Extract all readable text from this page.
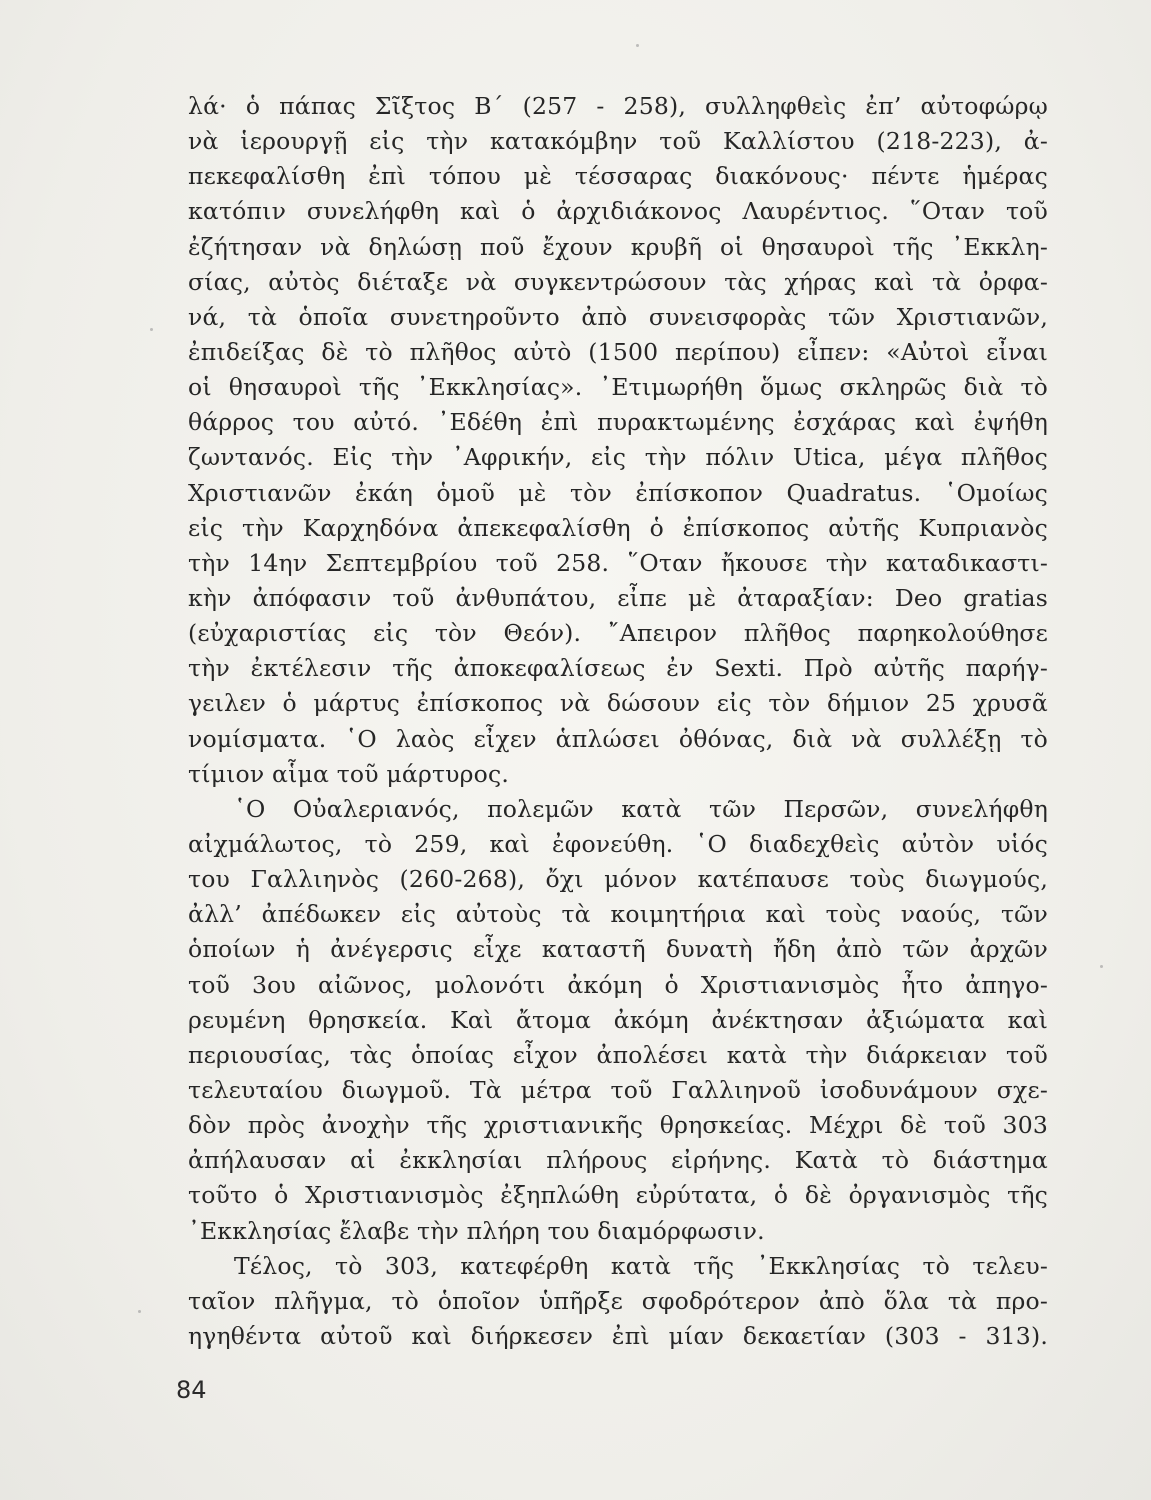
λά· ὁ πάπας Σῖξτος Β΄ (257 - 258), συλληφθεὶς ἐπ’ αὐτοφώρῳ
νὰ ἱερουργῇ εἰς τὴν κατακόμβην τοῦ Καλλίστου (218-223), ἀ-
πεκεφαλίσθη ἐπὶ τόπου μὲ τέσσαρας διακόνους· πέντε ἡμέρας
κατόπιν συνελήφθη καὶ ὁ ἀρχιδιάκονος Λαυρέντιος. ῞Οταν τοῦ
ἐζήτησαν νὰ δηλώσῃ ποῦ ἔχουν κρυβῆ οἱ θησαυροὶ τῆς ᾿Εκκλη-
σίας, αὐτὸς διέταξε νὰ συγκεντρώσουν τὰς χήρας καὶ τὰ ὀρφα-
νά, τὰ ὁποῖα συνετηροῦντο ἀπὸ συνεισφορὰς τῶν Χριστιανῶν,
ἐπιδείξας δὲ τὸ πλῆθος αὐτὸ (1500 περίπου) εἶπεν: «Αὐτοὶ εἶναι
οἱ θησαυροὶ τῆς ᾿Εκκλησίας». ᾿Ετιμωρήθη ὅμως σκληρῶς διὰ τὸ
θάρρος του αὐτό. ᾿Εδέθη ἐπὶ πυρακτωμένης ἐσχάρας καὶ ἐψήθη
ζωντανός. Εἰς τὴν ᾿Αφρικήν, εἰς τὴν πόλιν Utica, μέγα πλῆθος
Χριστιανῶν ἐκάη ὁμοῦ μὲ τὸν ἐπίσκοπον Quadratus. ῾Ομοίως
εἰς τὴν Καρχηδόνα ἀπεκεφαλίσθη ὁ ἐπίσκοπος αὐτῆς Κυπριανὸς
τὴν 14ην Σεπτεμβρίου τοῦ 258. ῞Οταν ἤκουσε τὴν καταδικαστι-
κὴν ἀπόφασιν τοῦ ἀνθυπάτου, εἶπε μὲ ἀταραξίαν: Deo gratias
(εὐχαριστίας εἰς τὸν Θεόν). ῎Απειρον πλῆθος παρηκολούθησε
τὴν ἐκτέλεσιν τῆς ἀποκεφαλίσεως ἐν Sexti. Πρὸ αὐτῆς παρήγ-
γειλεν ὁ μάρτυς ἐπίσκοπος νὰ δώσουν εἰς τὸν δήμιον 25 χρυσᾶ
νομίσματα. ῾Ο λαὸς εἶχεν ἁπλώσει ὀθόνας, διὰ νὰ συλλέξῃ τὸ
τίμιον αἷμα τοῦ μάρτυρος.
῾Ο Οὐαλεριανός, πολεμῶν κατὰ τῶν Περσῶν, συνελήφθη
αἰχμάλωτος, τὸ 259, καὶ ἐφονεύθη. ῾Ο διαδεχθεὶς αὐτὸν υἱός
του Γαλλιηνὸς (260-268), ὄχι μόνον κατέπαυσε τοὺς διωγμούς,
ἀλλ’ ἀπέδωκεν εἰς αὐτοὺς τὰ κοιμητήρια καὶ τοὺς ναούς, τῶν
ὁποίων ἡ ἀνέγερσις εἶχε καταστῆ δυνατὴ ἤδη ἀπὸ τῶν ἀρχῶν
τοῦ 3ου αἰῶνος, μολονότι ἀκόμη ὁ Χριστιανισμὸς ἦτο ἀπηγο-
ρευμένη θρησκεία. Καὶ ἄτομα ἀκόμη ἀνέκτησαν ἀξιώματα καὶ
περιουσίας, τὰς ὁποίας εἶχον ἀπολέσει κατὰ τὴν διάρκειαν τοῦ
τελευταίου διωγμοῦ. Τὰ μέτρα τοῦ Γαλλιηνοῦ ἰσοδυνάμουν σχε-
δὸν πρὸς ἀνοχὴν τῆς χριστιανικῆς θρησκείας. Μέχρι δὲ τοῦ 303
ἀπήλαυσαν αἱ ἐκκλησίαι πλήρους εἰρήνης. Κατὰ τὸ διάστημα
τοῦτο ὁ Χριστιανισμὸς ἐξηπλώθη εὐρύτατα, ὁ δὲ ὀργανισμὸς τῆς
᾿Εκκλησίας ἔλαβε τὴν πλήρη του διαμόρφωσιν.
Τέλος, τὸ 303, κατεφέρθη κατὰ τῆς ᾿Εκκλησίας τὸ τελευ-
ταῖον πλῆγμα, τὸ ὁποῖον ὑπῆρξε σφοδρότερον ἀπὸ ὅλα τὰ προ-
ηγηθέντα αὐτοῦ καὶ διήρκεσεν ἐπὶ μίαν δεκαετίαν (303 - 313).
84
